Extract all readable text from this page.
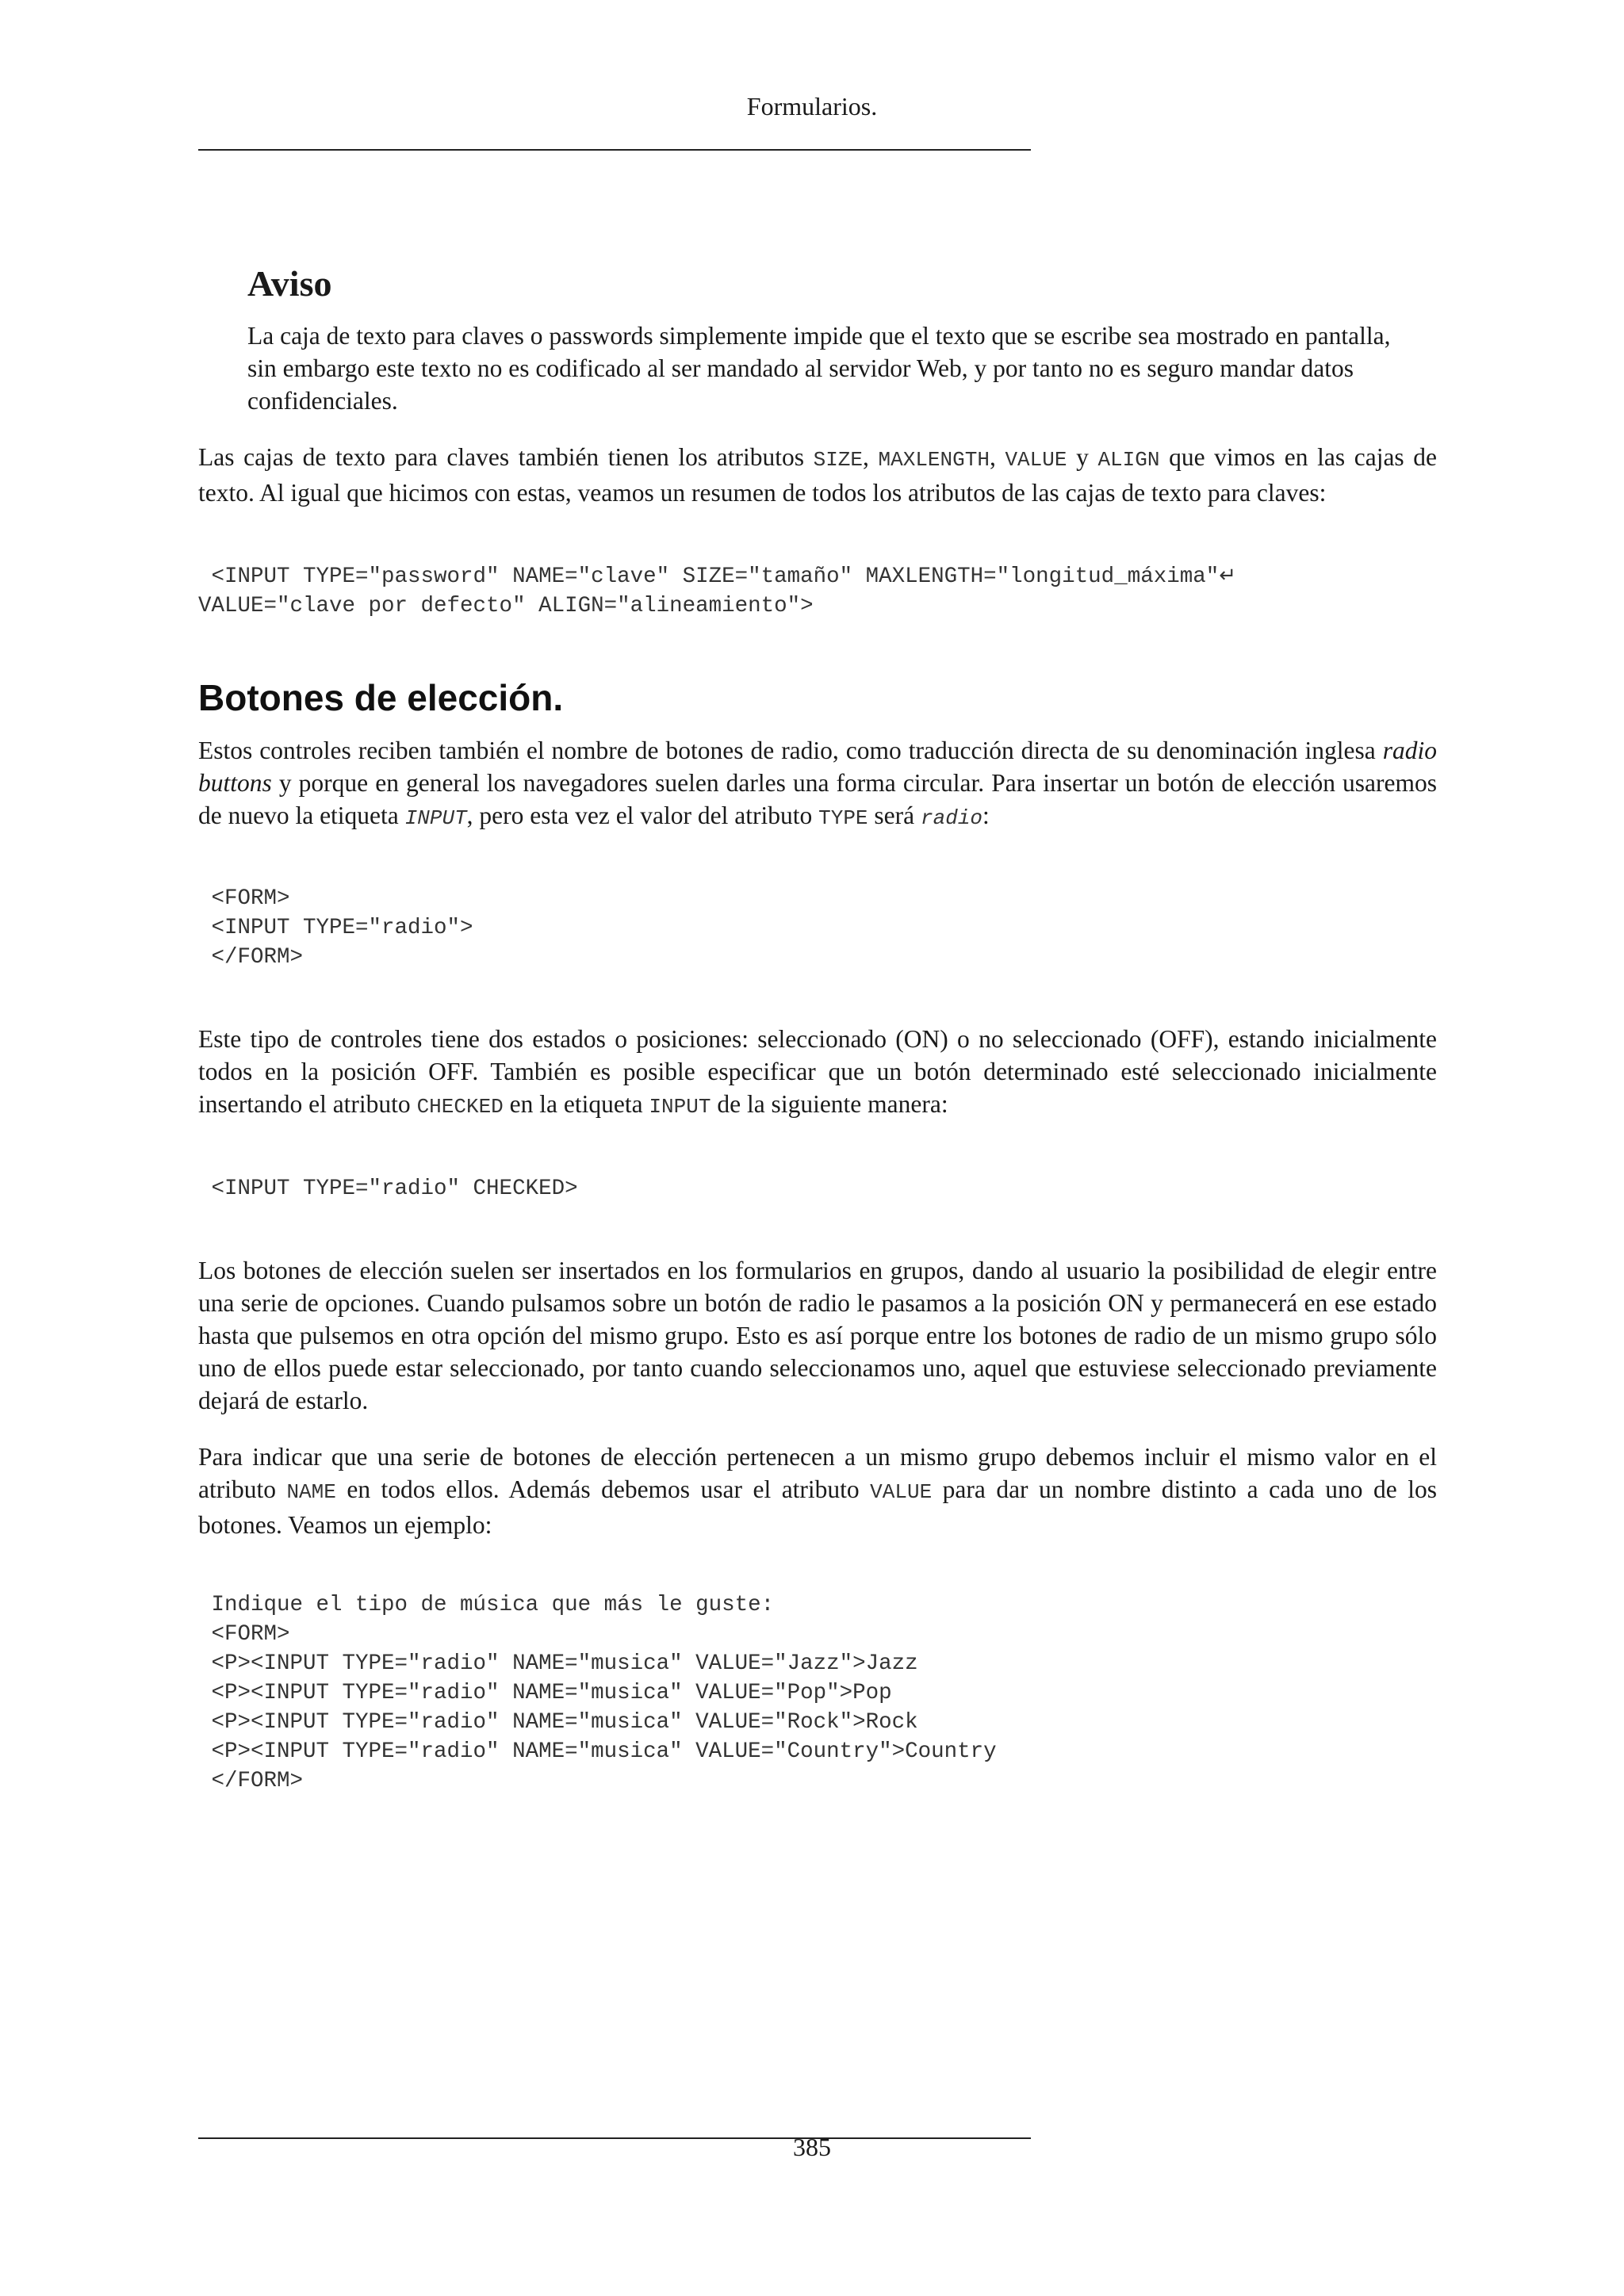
Formularios.
Aviso

La caja de texto para claves o passwords simplemente impide que el texto que se escribe sea mostrado en pantalla, sin embargo este texto no es codificado al ser mandado al servidor Web, y por tanto no es seguro mandar datos confidenciales.

Las cajas de texto para claves también tienen los atributos SIZE, MAXLENGTH, VALUE y ALIGN que vimos en las cajas de texto. Al igual que hicimos con estas, veamos un resumen de todos los atributos de las cajas de texto para claves:

<INPUT TYPE="password" NAME="clave" SIZE="tamaño" MAXLENGTH="longitud_máxima"↵
VALUE="clave por defecto" ALIGN="alineamiento">
Botones de elección.

Estos controles reciben también el nombre de botones de radio, como traducción directa de su denominación inglesa radio buttons y porque en general los navegadores suelen darles una forma circular. Para insertar un botón de elección usaremos de nuevo la etiqueta INPUT, pero esta vez el valor del atributo TYPE será radio:

<FORM>
<INPUT TYPE="radio">
</FORM>

Este tipo de controles tiene dos estados o posiciones: seleccionado (ON) o no seleccionado (OFF), estando inicialmente todos en la posición OFF. También es posible especificar que un botón determinado esté seleccionado inicialmente insertando el atributo CHECKED en la etiqueta INPUT de la siguiente manera:

<INPUT TYPE="radio" CHECKED>

Los botones de elección suelen ser insertados en los formularios en grupos, dando al usuario la posibilidad de elegir entre una serie de opciones. Cuando pulsamos sobre un botón de radio le pasamos a la posición ON y permanecerá en ese estado hasta que pulsemos en otra opción del mismo grupo. Esto es así porque entre los botones de radio de un mismo grupo sólo uno de ellos puede estar seleccionado, por tanto cuando seleccionamos uno, aquel que estuviese seleccionado previamente dejará de estarlo.

Para indicar que una serie de botones de elección pertenecen a un mismo grupo debemos incluir el mismo valor en el atributo NAME en todos ellos. Además debemos usar el atributo VALUE para dar un nombre distinto a cada uno de los botones. Veamos un ejemplo:

Indique el tipo de música que más le guste:
<FORM>
<P><INPUT TYPE="radio" NAME="musica" VALUE="Jazz">Jazz
<P><INPUT TYPE="radio" NAME="musica" VALUE="Pop">Pop
<P><INPUT TYPE="radio" NAME="musica" VALUE="Rock">Rock
<P><INPUT TYPE="radio" NAME="musica" VALUE="Country">Country
</FORM>
385
